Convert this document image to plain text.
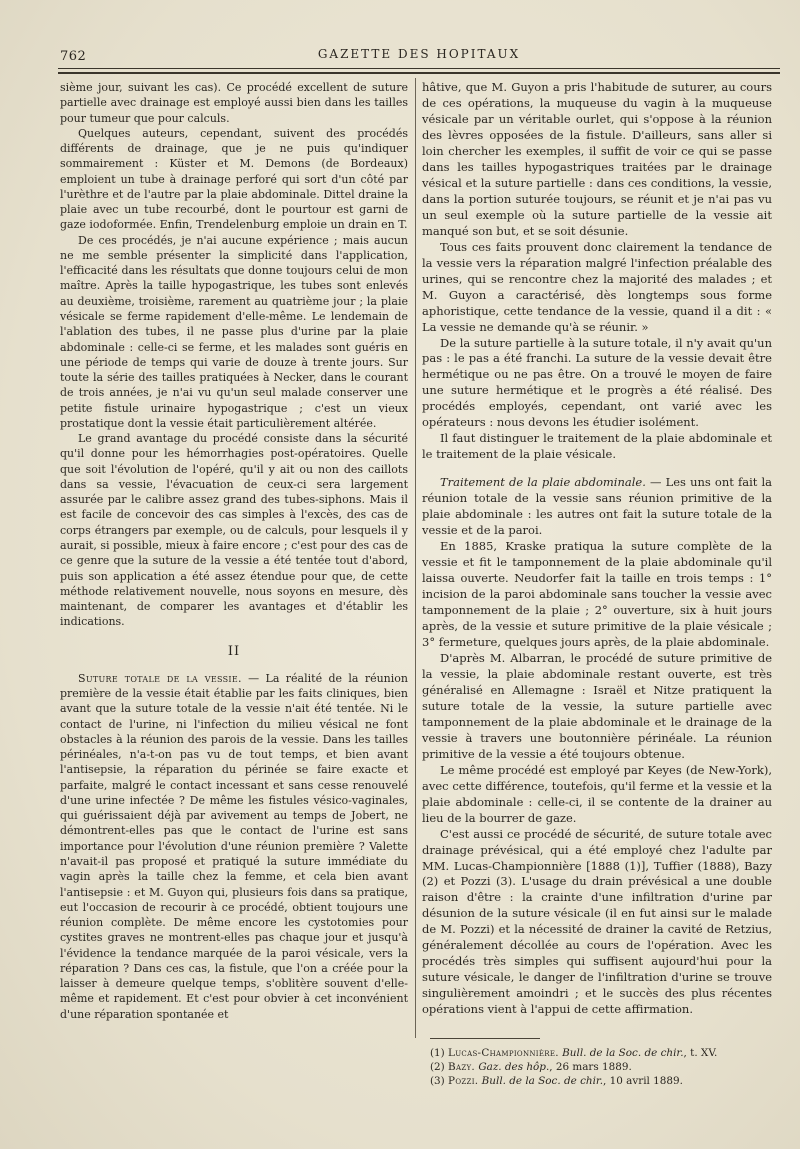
762	GAZETTE DES HOPITAUX

sième jour, suivant les cas). Ce procédé excellent de suture partielle avec drainage est employé aussi bien dans les tailles pour tumeur que pour calculs.

Quelques auteurs, cependant, suivent des procédés différents de drainage, que je ne puis qu'indiquer sommairement : Küster et M. Demons (de Bordeaux) emploient un tube à drainage perforé qui sort d'un côté par l'urèthre et de l'autre par la plaie abdominale. Dittel draine la plaie avec un tube recourbé, dont le pourtour est garni de gaze iodoformée. Enfin, Trendelenburg emploie un drain en T.

De ces procédés, je n'ai aucune expérience ; mais aucun ne me semble présenter la simplicité dans l'application, l'efficacité dans les résultats que donne toujours celui de mon maître. Après la taille hypogastrique, les tubes sont enlevés au deuxième, troisième, rarement au quatrième jour ; la plaie vésicale se ferme rapidement d'elle-même. Le lendemain de l'ablation des tubes, il ne passe plus d'urine par la plaie abdominale : celle-ci se ferme, et les malades sont guéris en une période de temps qui varie de douze à trente jours. Sur toute la série des tailles pratiquées à Necker, dans le courant de trois années, je n'ai vu qu'un seul malade conserver une petite fistule urinaire hypogastrique ; c'est un vieux prostatique dont la vessie était particulièrement altérée.

Le grand avantage du procédé consiste dans la sécurité qu'il donne pour les hémorrhagies post-opératoires. Quelle que soit l'évolution de l'opéré, qu'il y ait ou non des caillots dans sa vessie, l'évacuation de ceux-ci sera largement assurée par le calibre assez grand des tubes-siphons. Mais il est facile de concevoir des cas simples à l'excès, des cas de corps étrangers par exemple, ou de calculs, pour lesquels il y aurait, si possible, mieux à faire encore ; c'est pour des cas de ce genre que la suture de la vessie a été tentée tout d'abord, puis son application a été assez étendue pour que, de cette méthode relativement nouvelle, nous soyons en mesure, dès maintenant, de comparer les avantages et d'établir les indications.

II

Suture totale de la vessie. — La réalité de la réunion première de la vessie était établie par les faits cliniques, bien avant que la suture totale de la vessie n'ait été tentée. Ni le contact de l'urine, ni l'infection du milieu vésical ne font obstacles à la réunion des parois de la vessie. Dans les tailles périnéales, n'a-t-on pas vu de tout temps, et bien avant l'antisepsie, la réparation du périnée se faire exacte et parfaite, malgré le contact incessant et sans cesse renouvelé d'une urine infectée ? De même les fistules vésico-vaginales, qui guérissaient déjà par avivement au temps de Jobert, ne démontrent-elles pas que le contact de l'urine est sans importance pour l'évolution d'une réunion première ? Valette n'avait-il pas proposé et pratiqué la suture immédiate du vagin après la taille chez la femme, et cela bien avant l'antisepsie : et M. Guyon qui, plusieurs fois dans sa pratique, eut l'occasion de recourir à ce procédé, obtient toujours une réunion complète. De même encore les cystotomies pour cystites graves ne montrent-elles pas chaque jour et jusqu'à l'évidence la tendance marquée de la paroi vésicale, vers la réparation ? Dans ces cas, la fistule, que l'on a créée pour la laisser à demeure quelque temps, s'oblitère souvent d'elle-même et rapidement. Et c'est pour obvier à cet inconvénient d'une réparation spontanée et

hâtive, que M. Guyon a pris l'habitude de suturer, au cours de ces opérations, la muqueuse du vagin à la muqueuse vésicale par un véritable ourlet, qui s'oppose à la réunion des lèvres opposées de la fistule. D'ailleurs, sans aller si loin chercher les exemples, il suffit de voir ce qui se passe dans les tailles hypogastriques traitées par le drainage vésical et la suture partielle : dans ces conditions, la vessie, dans la portion suturée toujours, se réunit et je n'ai pas vu un seul exemple où la suture partielle de la vessie ait manqué son but, et se soit désunie.

Tous ces faits prouvent donc clairement la tendance de la vessie vers la réparation malgré l'infection préalable des urines, qui se rencontre chez la majorité des malades ; et M. Guyon a caractérisé, dès longtemps sous forme aphoristique, cette tendance de la vessie, quand il a dit : « La vessie ne demande qu'à se réunir. »

De la suture partielle à la suture totale, il n'y avait qu'un pas : le pas a été franchi. La suture de la vessie devait être hermétique ou ne pas être. On a trouvé le moyen de faire une suture hermétique et le progrès a été réalisé. Des procédés employés, cependant, ont varié avec les opérateurs : nous devons les étudier isolément.

Il faut distinguer le traitement de la plaie abdominale et le traitement de la plaie vésicale.

Traitement de la plaie abdominale. — Les uns ont fait la réunion totale de la vessie sans réunion primitive de la plaie abdominale : les autres ont fait la suture totale de la vessie et de la paroi.

En 1885, Kraske pratiqua la suture complète de la vessie et fit le tamponnement de la plaie abdominale qu'il laissa ouverte. Neudorfer fait la taille en trois temps : 1° incision de la paroi abdominale sans toucher la vessie avec tamponnement de la plaie ; 2° ouverture, six à huit jours après, de la vessie et suture primitive de la plaie vésicale ; 3° fermeture, quelques jours après, de la plaie abdominale.

D'après M. Albarran, le procédé de suture primitive de la vessie, la plaie abdominale restant ouverte, est très généralisé en Allemagne : Israël et Nitze pratiquent la suture totale de la vessie, la suture partielle avec tamponnement de la plaie abdominale et le drainage de la vessie à travers une boutonnière périnéale. La réunion primitive de la vessie a été toujours obtenue.

Le même procédé est employé par Keyes (de New-York), avec cette différence, toutefois, qu'il ferme et la vessie et la plaie abdominale : celle-ci, il se contente de la drainer au lieu de la bourrer de gaze.

C'est aussi ce procédé de sécurité, de suture totale avec drainage prévésical, qui a été employé chez l'adulte par MM. Lucas-Championnière [1888 (1)], Tuffier (1888), Bazy (2) et Pozzi (3). L'usage du drain prévésical a une double raison d'être : la crainte d'une infiltration d'urine par désunion de la suture vésicale (il en fut ainsi sur le malade de M. Pozzi) et la nécessité de drainer la cavité de Retzius, généralement décollée au cours de l'opération. Avec les procédés très simples qui suffisent aujourd'hui pour la suture vésicale, le danger de l'infiltration d'urine se trouve singulièrement amoindri ; et le succès des plus récentes opérations vient à l'appui de cette affirmation.

(1) Lucas-Championnière. Bull. de la Soc. de chir., t. XV.
(2) Bazy. Gaz. des hôp., 26 mars 1889.
(3) Pozzi. Bull. de la Soc. de chir., 10 avril 1889.
